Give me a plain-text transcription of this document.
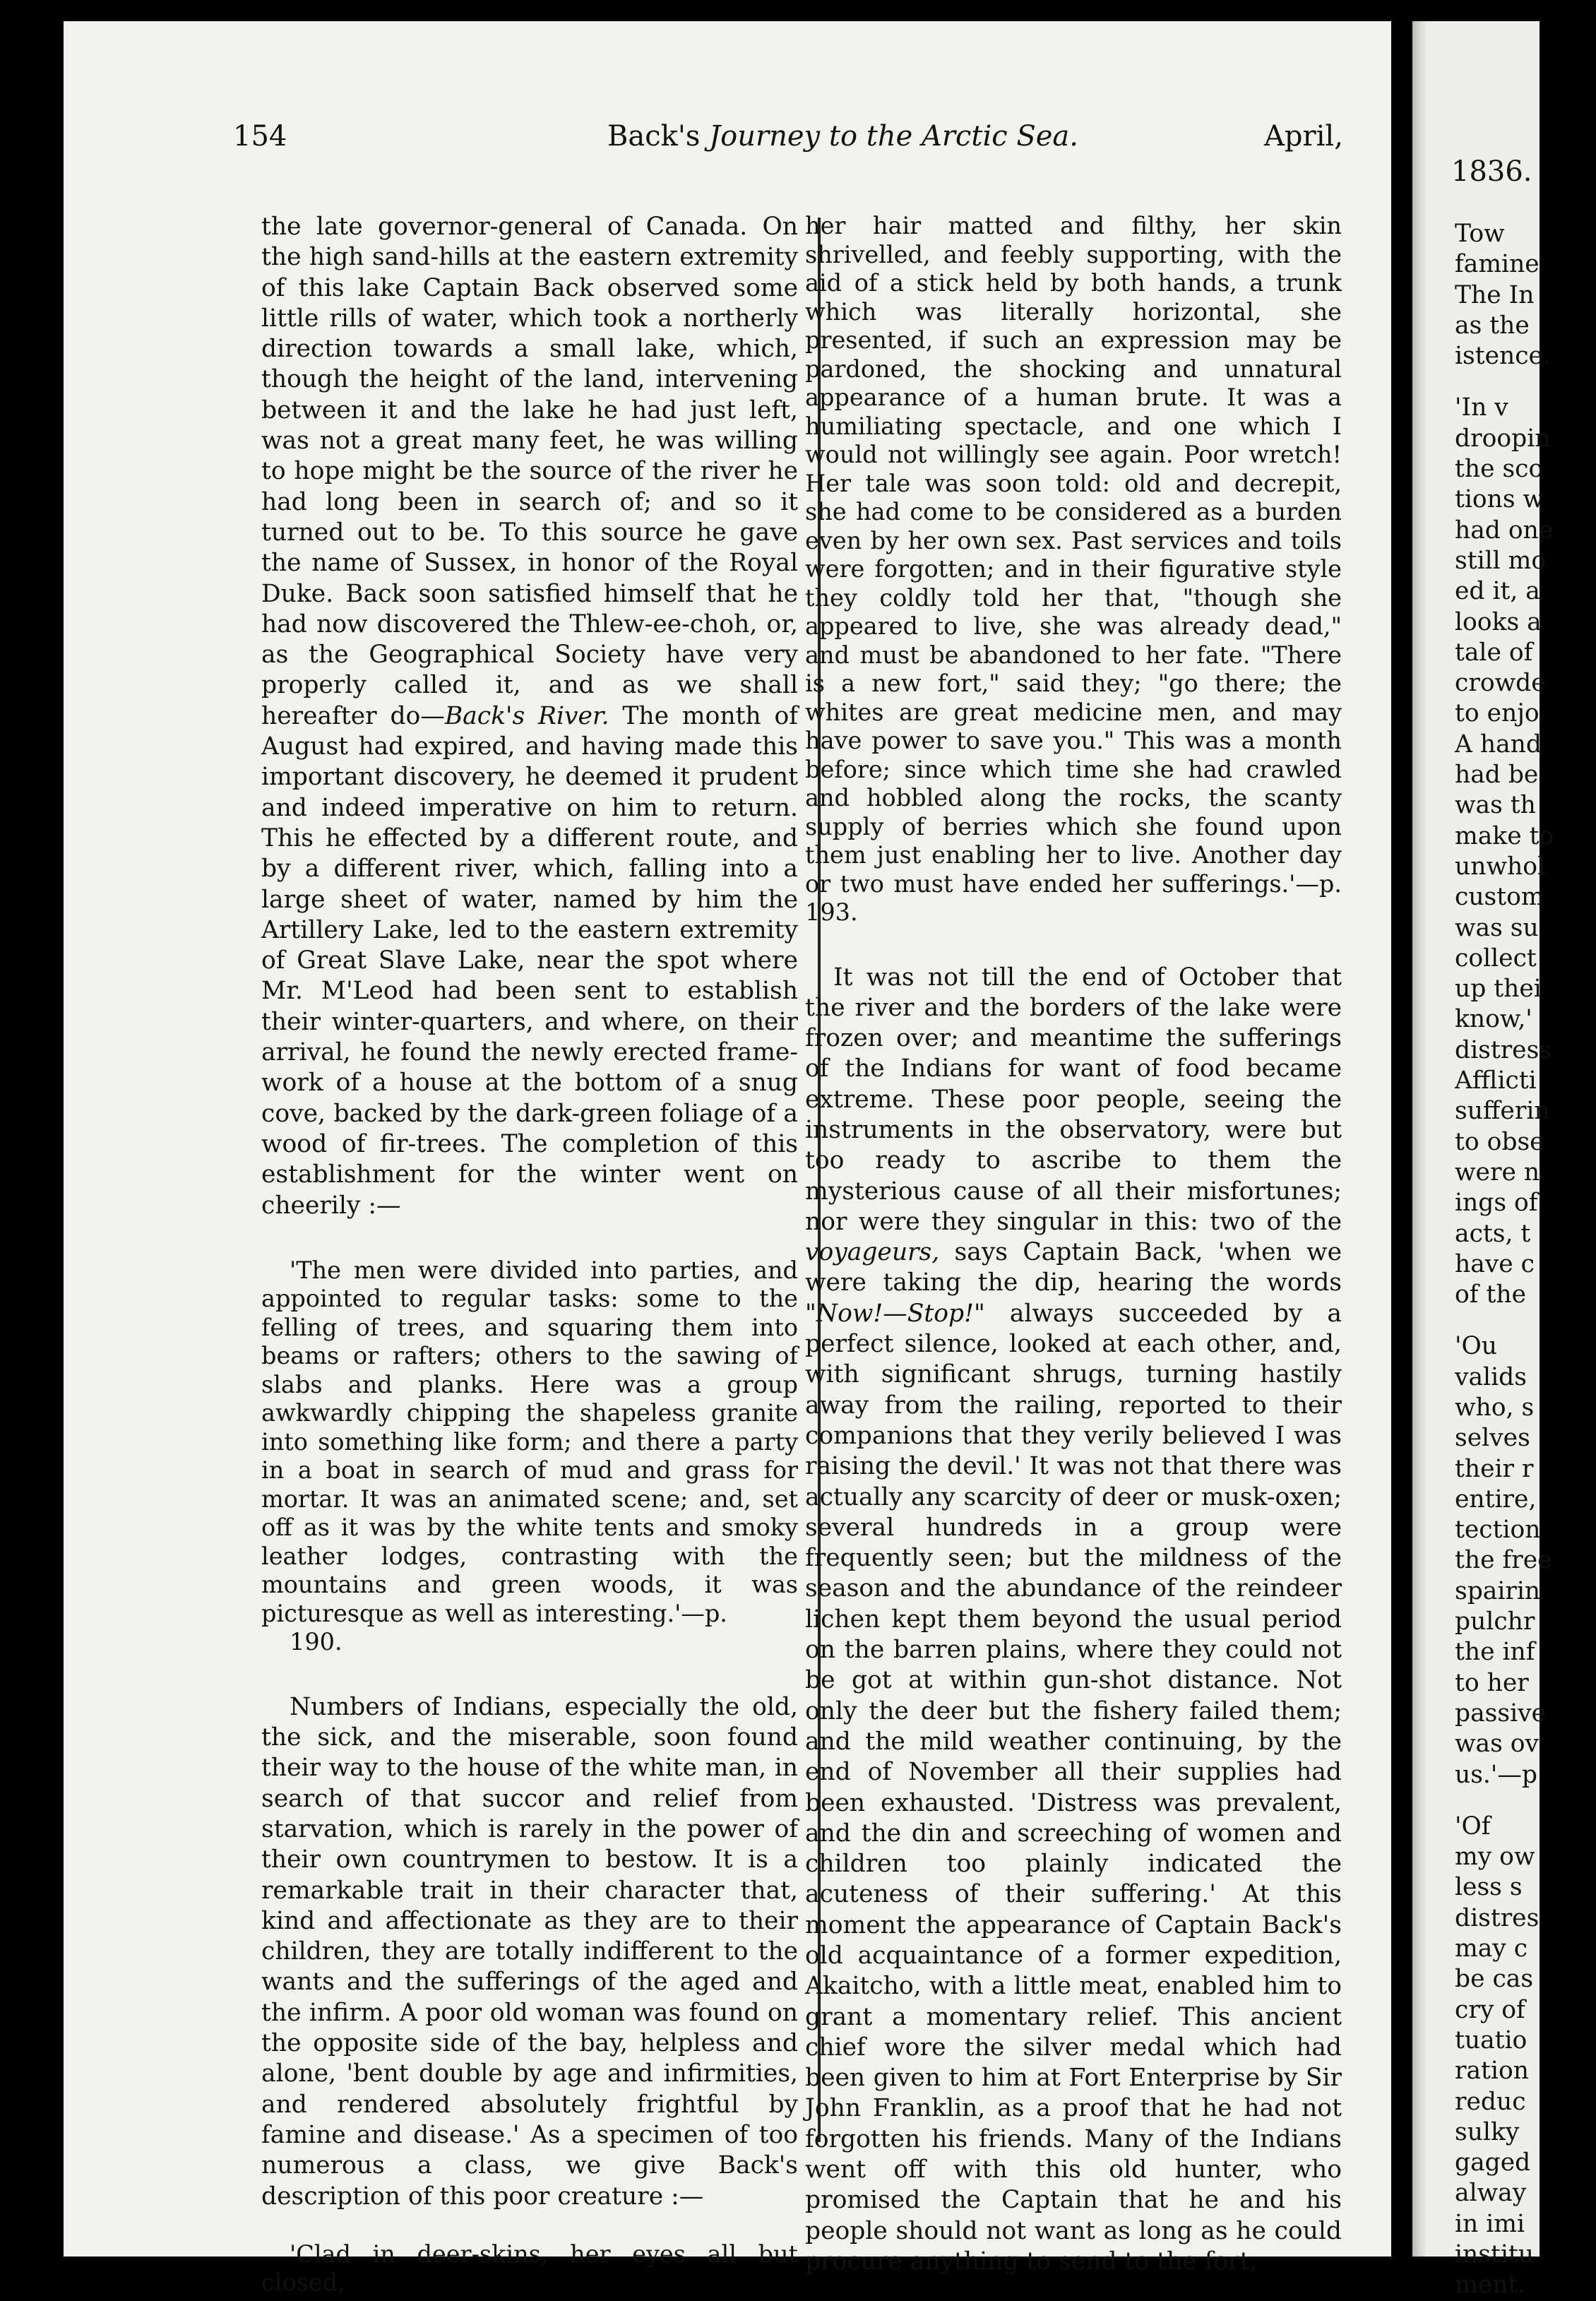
154	Back's Journey to the Arctic Sea.	April,

the late governor-general of Canada. On the high sand-hills at the eastern extremity of this lake Captain Back observed some little rills of water, which took a northerly direction towards a small lake, which, though the height of the land, intervening between it and the lake he had just left, was not a great many feet, he was willing to hope might be the source of the river he had long been in search of; and so it turned out to be. To this source he gave the name of Sussex, in honor of the Royal Duke. Back soon satisfied himself that he had now discovered the Thlew-ee-choh, or, as the Geographical Society have very properly called it, and as we shall hereafter do—Back's River. The month of August had expired, and having made this important discovery, he deemed it prudent and indeed imperative on him to return. This he effected by a different route, and by a different river, which, falling into a large sheet of water, named by him the Artillery Lake, led to the eastern extremity of Great Slave Lake, near the spot where Mr. M'Leod had been sent to establish their winter-quarters, and where, on their arrival, he found the newly erected frame-work of a house at the bottom of a snug cove, backed by the dark-green foliage of a wood of fir-trees. The completion of this establishment for the winter went on cheerily :—

'The men were divided into parties, and appointed to regular tasks: some to the felling of trees, and squaring them into beams or rafters; others to the sawing of slabs and planks. Here was a group awkwardly chipping the shapeless granite into something like form; and there a party in a boat in search of mud and grass for mortar. It was an animated scene; and, set off as it was by the white tents and smoky leather lodges, contrasting with the mountains and green woods, it was picturesque as well as interesting.'—p.
190.

Numbers of Indians, especially the old, the sick, and the miserable, soon found their way to the house of the white man, in search of that succor and relief from starvation, which is rarely in the power of their own countrymen to bestow. It is a remarkable trait in their character that, kind and affectionate as they are to their children, they are totally indifferent to the wants and the sufferings of the aged and the infirm. A poor old woman was found on the opposite side of the bay, helpless and alone, 'bent double by age and infirmities, and rendered absolutely frightful by famine and disease.' As a specimen of too numerous a class, we give Back's description of this poor creature :—

'Clad in deer-skins, her eyes all but closed,

her hair matted and filthy, her skin shrivelled, and feebly supporting, with the aid of a stick held by both hands, a trunk which was literally horizontal, she presented, if such an expression may be pardoned, the shocking and unnatural appearance of a human brute. It was a humiliating spectacle, and one which I would not willingly see again. Poor wretch! Her tale was soon told: old and decrepit, she had come to be considered as a burden even by her own sex. Past services and toils were forgotten; and in their figurative style they coldly told her that, "though she appeared to live, she was already dead," and must be abandoned to her fate. "There is a new fort," said they; "go there; the whites are great medicine men, and may have power to save you." This was a month before; since which time she had crawled and hobbled along the rocks, the scanty supply of berries which she found upon them just enabling her to live. Another day or two must have ended her sufferings.'—p. 193.

It was not till the end of October that the river and the borders of the lake were frozen over; and meantime the sufferings of the Indians for want of food became extreme. These poor people, seeing the instruments in the observatory, were but too ready to ascribe to them the mysterious cause of all their misfortunes; nor were they singular in this: two of the voyageurs, says Captain Back, 'when we were taking the dip, hearing the words "Now!—Stop!" always succeeded by a perfect silence, looked at each other, and, with significant shrugs, turning hastily away from the railing, reported to their companions that they verily believed I was raising the devil.' It was not that there was actually any scarcity of deer or musk-oxen; several hundreds in a group were frequently seen; but the mildness of the season and the abundance of the reindeer lichen kept them beyond the usual period on the barren plains, where they could not be got at within gun-shot distance. Not only the deer but the fishery failed them; and the mild weather continuing, by the end of November all their supplies had been exhausted. 'Distress was prevalent, and the din and screeching of women and children too plainly indicated the acuteness of their suffering.' At this moment the appearance of Captain Back's old acquaintance of a former expedition, Akaitcho, with a little meat, enabled him to grant a momentary relief. This ancient chief wore the silver medal which had been given to him at Fort Enterprise by Sir John Franklin, as a proof that he had not forgotten his friends. Many of the Indians went off with this old hunter, who promised the Captain that he and his people should not want as long as he could procure anything to send to the fort,

1836.

Tow

famine

The In

as the

istence.

'In v

droopin

the sco

tions w

had one

still mo

ed it, a

looks a

tale of

crowde

to enjo

A hand

had be

was th

make to

unwhol

custom

was su

collect

up thei

know,'

distress

Afflicti

sufferin

to obse

were n

ings of

acts, t

have c

of the

'Ou

valids

who, s

selves

their r

entire,

tection

the free

spairin

pulchr

the inf

to her

passive

was ov

us.'—p

'Of

my ow

less s

distres

may c

be cas

cry of

tuatio

ration

reduc

sulky

gaged

alway

in imi

institu

ment.
